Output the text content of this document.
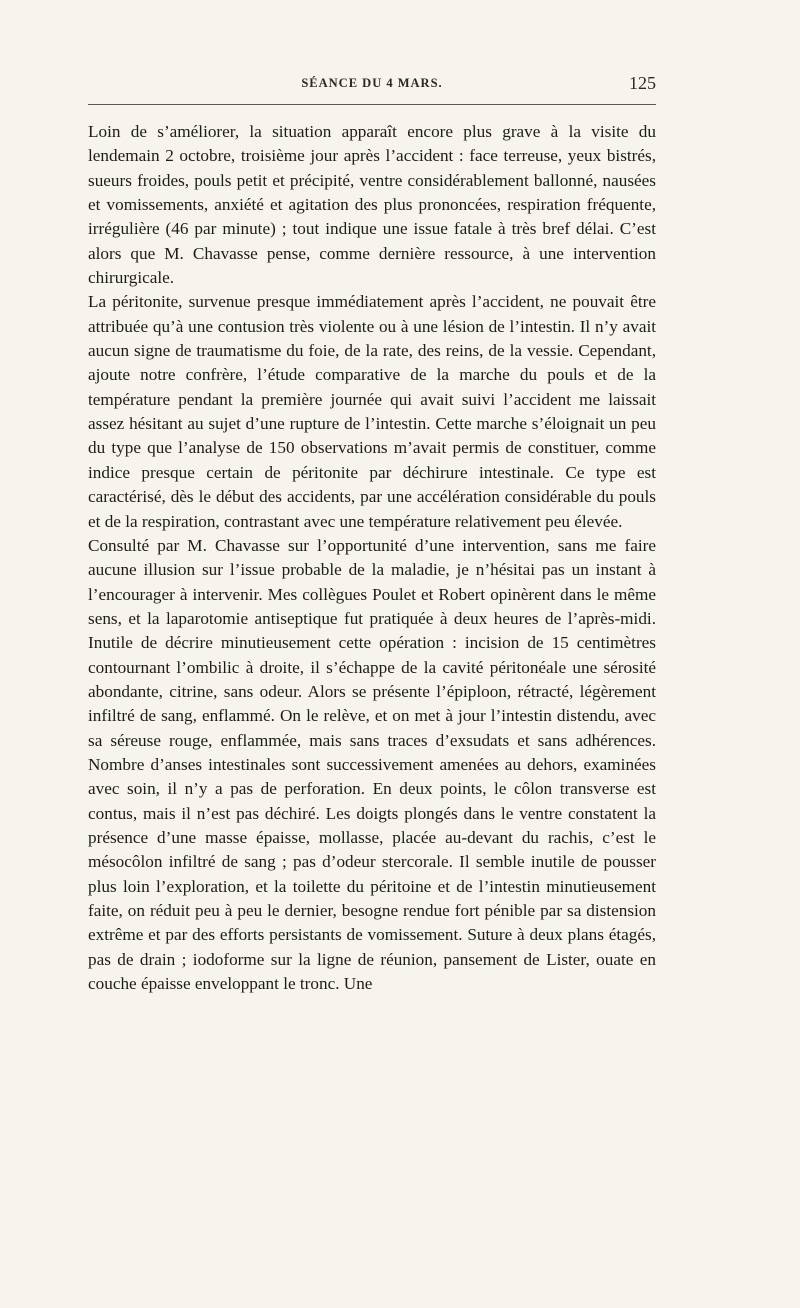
SÉANCE DU 4 MARS.	125

Loin de s’améliorer, la situation apparaît encore plus grave à la visite du lendemain 2 octobre, troisième jour après l’accident : face terreuse, yeux bistrés, sueurs froides, pouls petit et précipité, ventre considérablement ballonné, nausées et vomissements, anxiété et agitation des plus prononcées, respiration fréquente, irrégulière (46 par minute) ; tout indique une issue fatale à très bref délai. C’est alors que M. Chavasse pense, comme dernière ressource, à une intervention chirurgicale.

La péritonite, survenue presque immédiatement après l’accident, ne pouvait être attribuée qu’à une contusion très violente ou à une lésion de l’intestin. Il n’y avait aucun signe de traumatisme du foie, de la rate, des reins, de la vessie. Cependant, ajoute notre confrère, l’étude comparative de la marche du pouls et de la température pendant la première journée qui avait suivi l’accident me laissait assez hésitant au sujet d’une rupture de l’intestin. Cette marche s’éloignait un peu du type que l’analyse de 150 observations m’avait permis de constituer, comme indice presque certain de péritonite par déchirure intestinale. Ce type est caractérisé, dès le début des accidents, par une accélération considérable du pouls et de la respiration, contrastant avec une température relativement peu élevée.

Consulté par M. Chavasse sur l’opportunité d’une intervention, sans me faire aucune illusion sur l’issue probable de la maladie, je n’hésitai pas un instant à l’encourager à intervenir. Mes collègues Poulet et Robert opinèrent dans le même sens, et la laparotomie antiseptique fut pratiquée à deux heures de l’après-midi. Inutile de décrire minutieusement cette opération : incision de 15 centimètres contournant l’ombilic à droite, il s’échappe de la cavité péritonéale une sérosité abondante, citrine, sans odeur. Alors se présente l’épiploon, rétracté, légèrement infiltré de sang, enflammé. On le relève, et on met à jour l’intestin distendu, avec sa séreuse rouge, enflammée, mais sans traces d’exsudats et sans adhérences. Nombre d’anses intestinales sont successivement amenées au dehors, examinées avec soin, il n’y a pas de perforation. En deux points, le côlon transverse est contus, mais il n’est pas déchiré. Les doigts plongés dans le ventre constatent la présence d’une masse épaisse, mollasse, placée au-devant du rachis, c’est le mésocôlon infiltré de sang ; pas d’odeur stercorale. Il semble inutile de pousser plus loin l’exploration, et la toilette du péritoine et de l’intestin minutieusement faite, on réduit peu à peu le dernier, besogne rendue fort pénible par sa distension extrême et par des efforts persistants de vomissement. Suture à deux plans étagés, pas de drain ; iodoforme sur la ligne de réunion, pansement de Lister, ouate en couche épaisse enveloppant le tronc. Une
